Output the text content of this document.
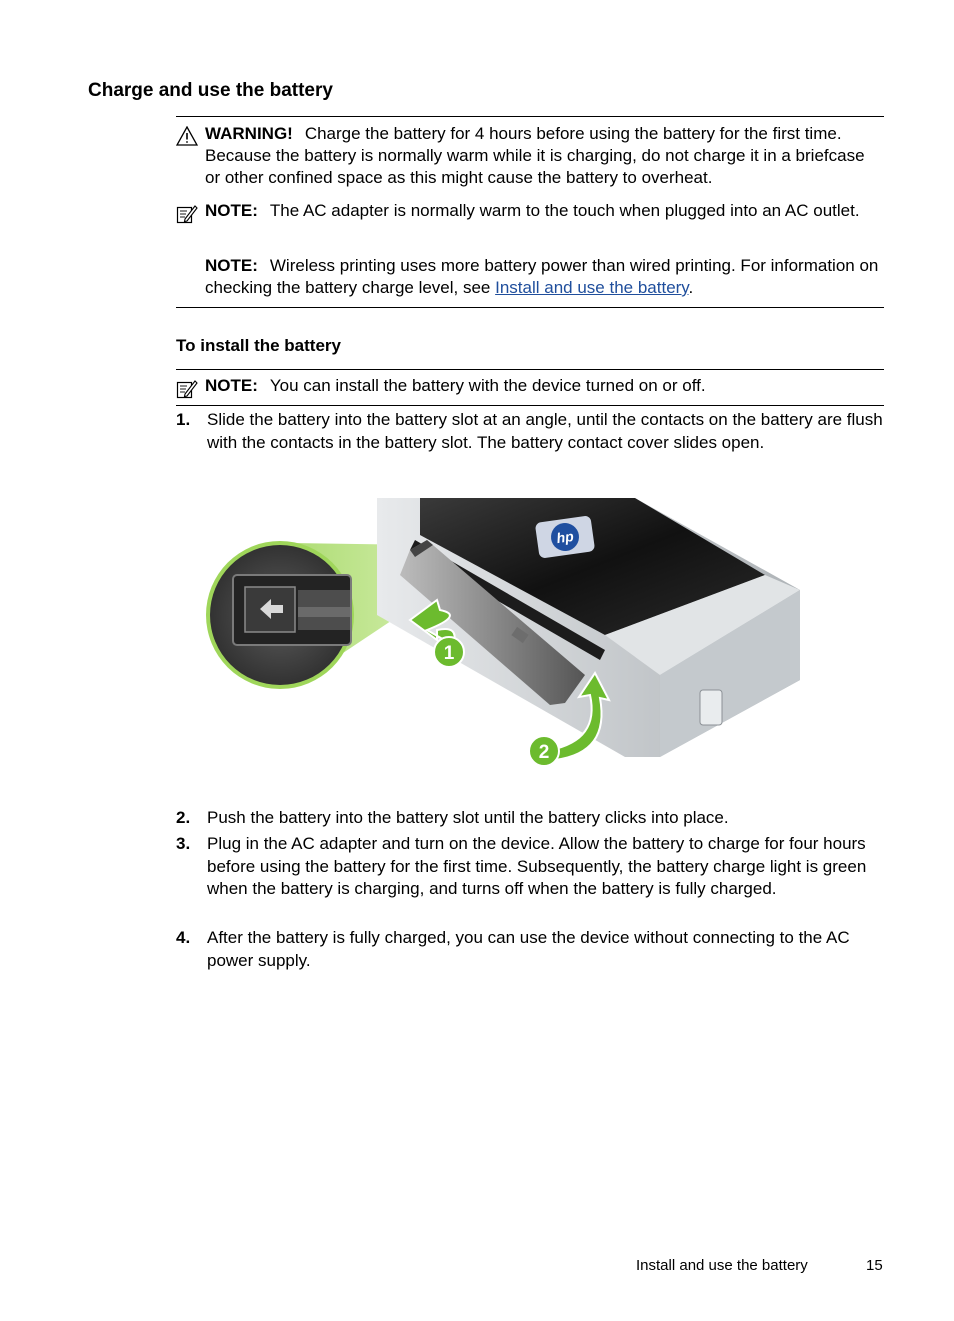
Charge and use the battery
WARNING! Charge the battery for 4 hours before using the battery for the first time. Because the battery is normally warm while it is charging, do not charge it in a briefcase or other confined space as this might cause the battery to overheat.
NOTE: The AC adapter is normally warm to the touch when plugged into an AC outlet.
NOTE: Wireless printing uses more battery power than wired printing. For information on checking the battery charge level, see Install and use the battery.
To install the battery
NOTE: You can install the battery with the device turned on or off.
1. Slide the battery into the battery slot at an angle, until the contacts on the battery are flush with the contacts in the battery slot. The battery contact cover slides open.
hp
1
2
2. Push the battery into the battery slot until the battery clicks into place.
3. Plug in the AC adapter and turn on the device. Allow the battery to charge for four hours before using the battery for the first time. Subsequently, the battery charge light is green when the battery is charging, and turns off when the battery is fully charged.
4. After the battery is fully charged, you can use the device without connecting to the AC power supply.
Install and use the battery	15
